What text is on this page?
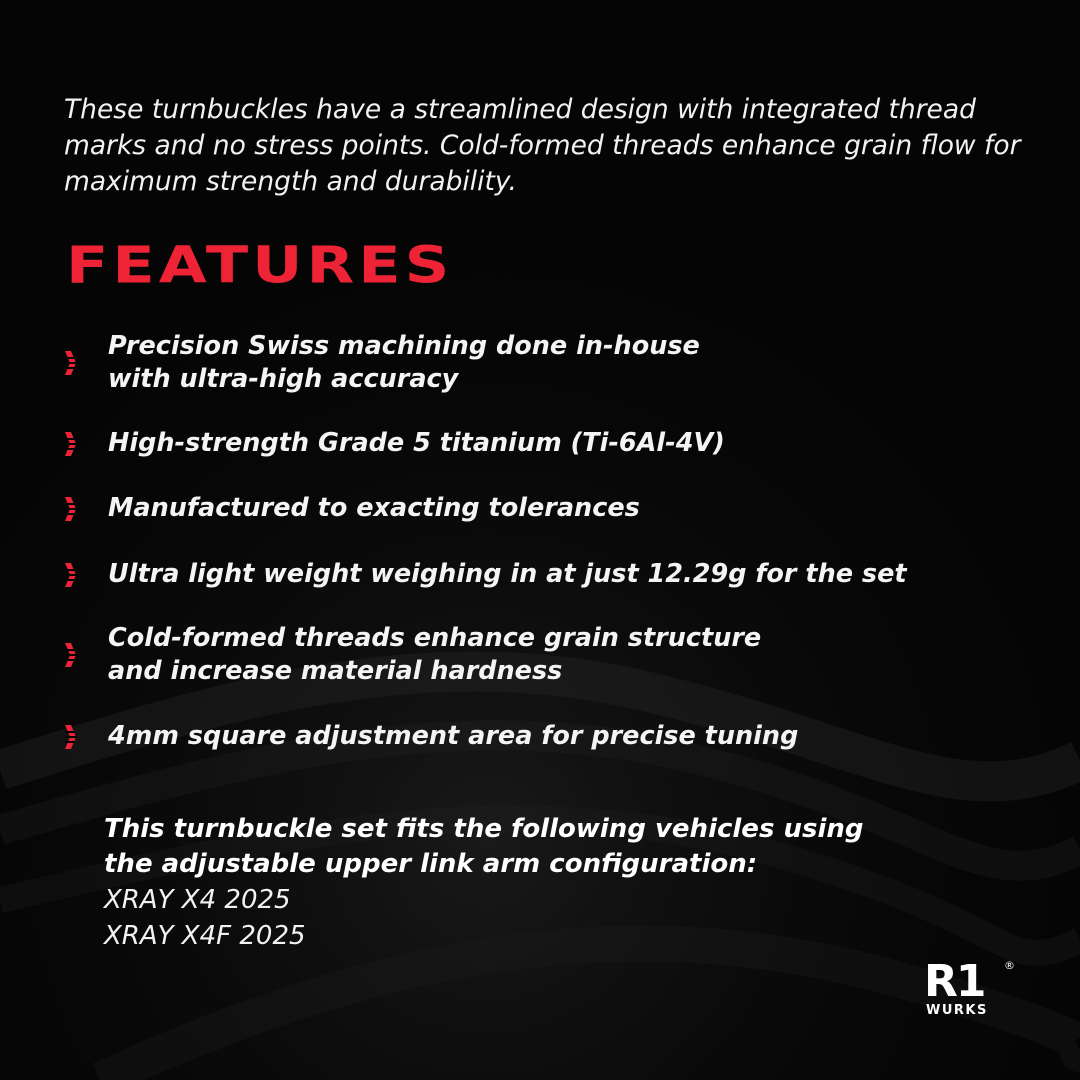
These turnbuckles have a streamlined design with integrated thread marks and no stress points. Cold-formed threads enhance grain flow for maximum strength and durability.

FEATURES
Precision Swiss machining done in-house
with ultra-high accuracy
High-strength Grade 5 titanium (Ti-6Al-4V)
Manufactured to exacting tolerances
Ultra light weight weighing in at just 12.29g for the set
Cold-formed threads enhance grain structure
and increase material hardness
4mm square adjustment area for precise tuning

This turnbuckle set fits the following vehicles using
the adjustable upper link arm configuration:

XRAY X4 2025

XRAY X4F 2025

R1 ®
WURKS
